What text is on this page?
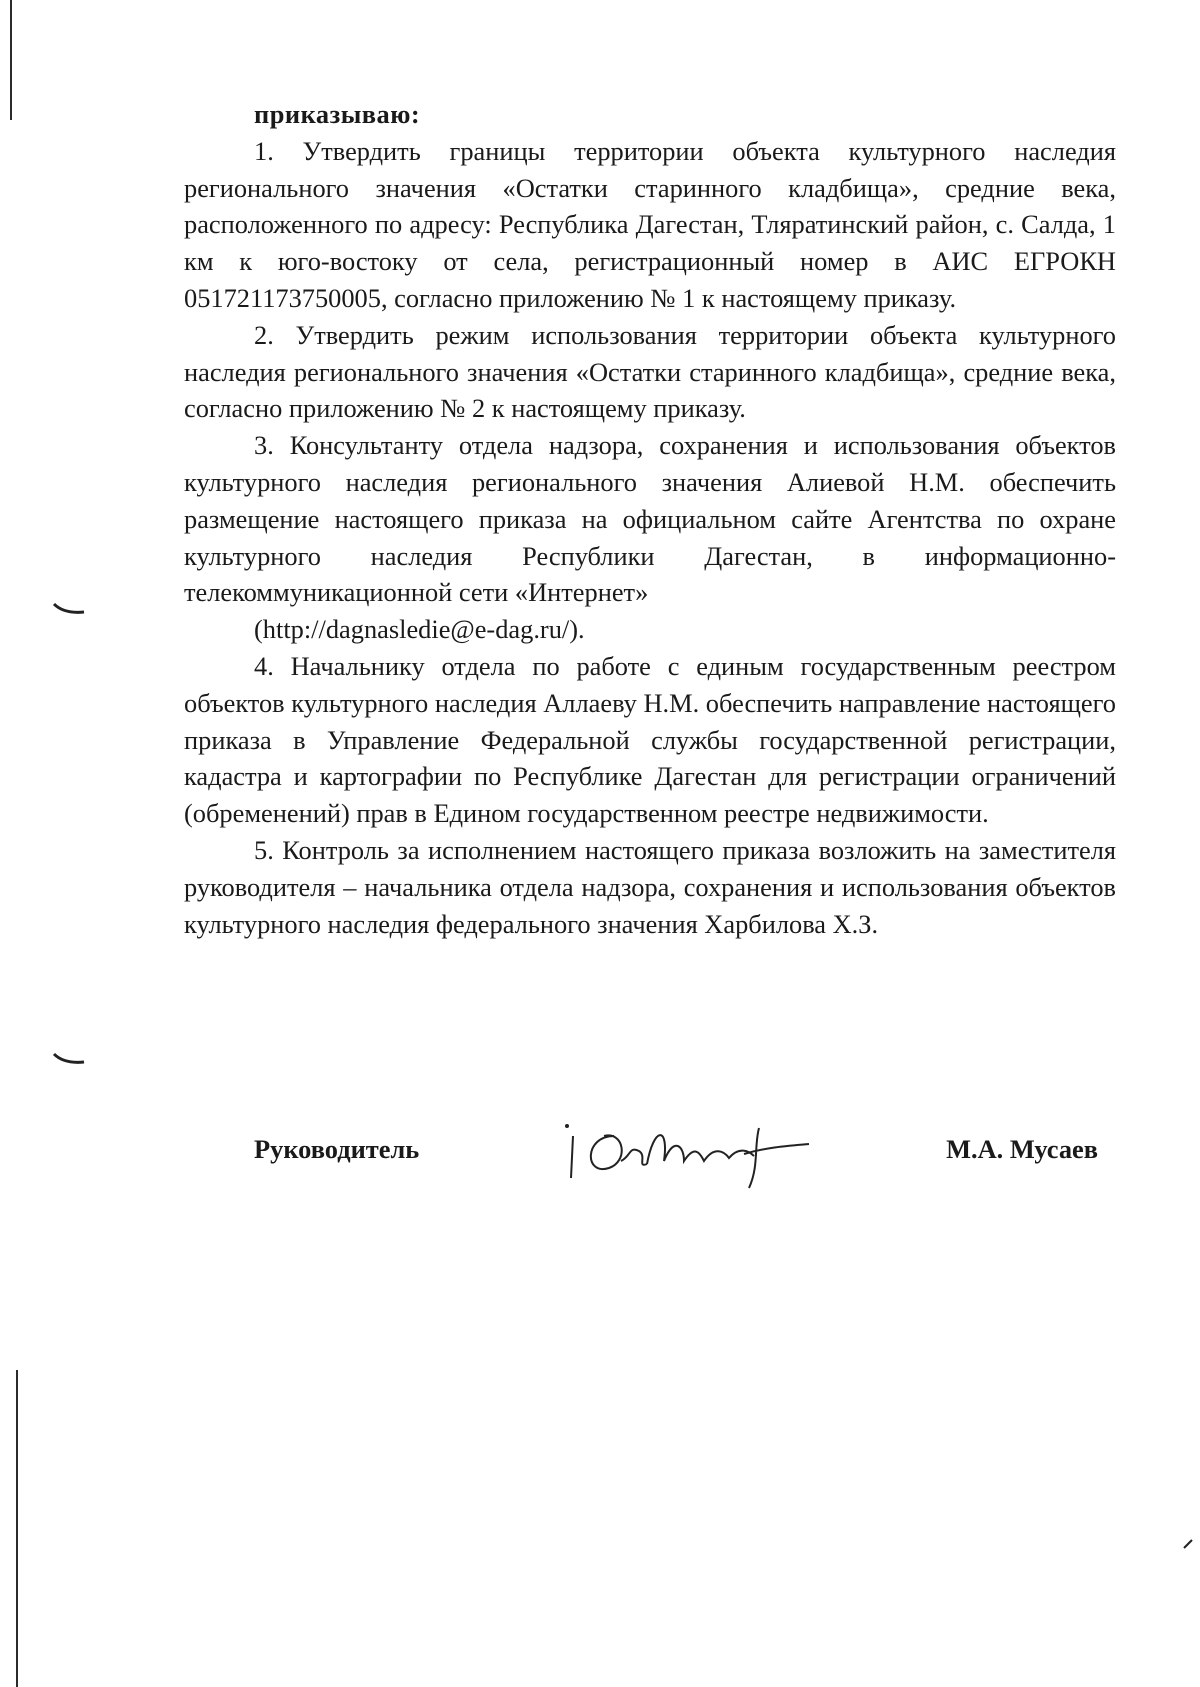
приказываю:

1. Утвердить границы территории объекта культурного наследия регионального значения «Остатки старинного кладбища», средние века, расположенного по адресу: Республика Дагестан, Тляратинский район, с. Салда, 1 км к юго-востоку от села, регистрационный номер в АИС ЕГРОКН 051721173750005, согласно приложению № 1 к настоящему приказу.

2. Утвердить режим использования территории объекта культурного наследия регионального значения «Остатки старинного кладбища», средние века, согласно приложению № 2 к настоящему приказу.

3. Консультанту отдела надзора, сохранения и использования объектов культурного наследия регионального значения Алиевой Н.М. обеспечить размещение настоящего приказа на официальном сайте Агентства по охране культурного наследия Республики Дагестан, в информационно-телекоммуникационной сети «Интернет»
(http://dagnasledie@e-dag.ru/).

4. Начальнику отдела по работе с единым государственным реестром объектов культурного наследия Аллаеву Н.М. обеспечить направление настоящего приказа в Управление Федеральной службы государственной регистрации, кадастра и картографии по Республике Дагестан для регистрации ограничений (обременений) прав в Едином государственном реестре недвижимости.

5. Контроль за исполнением настоящего приказа возложить на заместителя руководителя – начальника отдела надзора, сохранения и использования объектов культурного наследия федерального значения Харбилова Х.З.

Руководитель	М.А. Мусаев
